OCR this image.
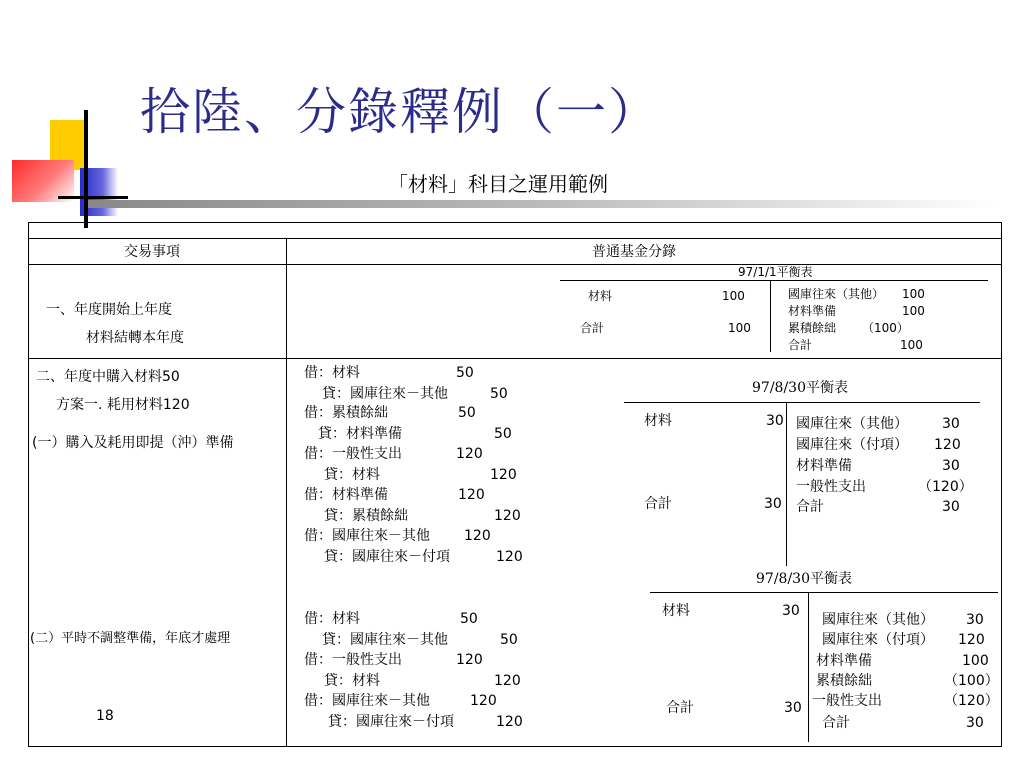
拾陸、分錄釋例（一）
「材料」科目之運用範例
交易事項	普通基金分錄
一、年度開始上年度
材料結轉本年度
97/1/1平衡表
材料	100
合計	100
國庫往來（其他） 100
材料準備	100
累積餘絀 （100）
合計	100
二、年度中購入材料50
方案一. 耗用材料120
(一）購入及耗用即提（沖）準備
借：材料	50
貸：國庫往來－其他	50
借：累積餘絀	50
貸：材料準備	50
借：一般性支出	120
貸：材料	120
借：材料準備	120
貸：累積餘絀	120
借：國庫往來－其他 120
貸：國庫往來－付項	120
97/8/30平衡表
材料	30
合計	30
國庫往來（其他） 30
國庫往來（付項） 120
材料準備	30
一般性支出	（120）
合計	30
(二）平時不調整準備，年底才處理
18
借：材料	50
貸：國庫往來－其他	50
借：一般性支出	120
貸：材料	120
借：國庫往來－其他	120
貸：國庫往來－付項	120
97/8/30平衡表
材料	30
合計	30
國庫往來（其他） 30
國庫往來（付項） 120
材料準備	100
累積餘絀	（100）
一般性支出	（120）
合計	30
